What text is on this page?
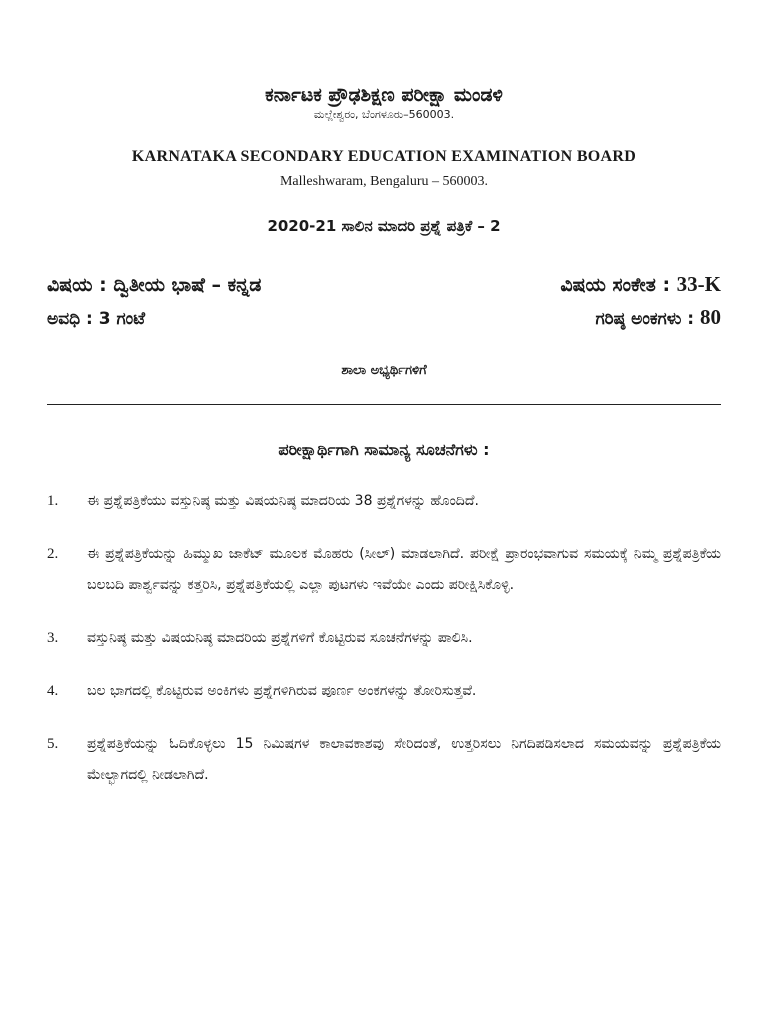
ಕರ್ನಾಟಕ ಪ್ರೌಢಶಿಕ್ಷಣ ಪರೀಕ್ಷಾ ಮಂಡಳಿ
ಮಲ್ಲೇಶ್ವರಂ, ಬೆಂಗಳೂರು–560003.
KARNATAKA SECONDARY EDUCATION EXAMINATION BOARD
Malleshwaram, Bengaluru – 560003.
2020-21 ಸಾಲಿನ ಮಾದರಿ ಪ್ರಶ್ನೆ ಪತ್ರಿಕೆ – 2
ವಿಷಯ : ದ್ವಿತೀಯ ಭಾಷೆ – ಕನ್ನಡ	ವಿಷಯ ಸಂಕೇತ : 33-K
ಅವಧಿ : 3 ಗಂಟೆ	ಗರಿಷ್ಠ ಅಂಕಗಳು : 80
ಶಾಲಾ ಅಭ್ಯರ್ಥಿಗಳಿಗೆ
ಪರೀಕ್ಷಾರ್ಥಿಗಾಗಿ ಸಾಮಾನ್ಯ ಸೂಚನೆಗಳು :
1.	ಈ ಪ್ರಶ್ನೆಪತ್ರಿಕೆಯು ವಸ್ತುನಿಷ್ಠ ಮತ್ತು ವಿಷಯನಿಷ್ಠ ಮಾದರಿಯ 38 ಪ್ರಶ್ನೆಗಳನ್ನು ಹೊಂದಿದೆ.
2.	ಈ ಪ್ರಶ್ನೆಪತ್ರಿಕೆಯನ್ನು ಹಿಮ್ಮುಖ ಜಾಕೆಟ್ ಮೂಲಕ ಮೊಹರು (ಸೀಲ್) ಮಾಡಲಾಗಿದೆ. ಪರೀಕ್ಷೆ ಪ್ರಾರಂಭವಾಗುವ ಸಮಯಕ್ಕೆ ನಿಮ್ಮ ಪ್ರಶ್ನೆಪತ್ರಿಕೆಯ ಬಲಬದಿ ಪಾರ್ಶ್ವವನ್ನು ಕತ್ತರಿಸಿ, ಪ್ರಶ್ನೆಪತ್ರಿಕೆಯಲ್ಲಿ ಎಲ್ಲಾ ಪುಟಗಳು ಇವೆಯೇ ಎಂದು ಪರೀಕ್ಷಿಸಿಕೊಳ್ಳಿ.
3.	ವಸ್ತುನಿಷ್ಠ ಮತ್ತು ವಿಷಯನಿಷ್ಠ ಮಾದರಿಯ ಪ್ರಶ್ನೆಗಳಿಗೆ ಕೊಟ್ಟಿರುವ ಸೂಚನೆಗಳನ್ನು ಪಾಲಿಸಿ.
4.	ಬಲ ಭಾಗದಲ್ಲಿ ಕೊಟ್ಟಿರುವ ಅಂಕಿಗಳು ಪ್ರಶ್ನೆಗಳಿಗಿರುವ ಪೂರ್ಣ ಅಂಕಗಳನ್ನು ತೋರಿಸುತ್ತವೆ.
5.	ಪ್ರಶ್ನೆಪತ್ರಿಕೆಯನ್ನು ಓದಿಕೊಳ್ಳಲು 15 ನಿಮಿಷಗಳ ಕಾಲಾವಕಾಶವು ಸೇರಿದಂತೆ, ಉತ್ತರಿಸಲು ನಿಗದಿಪಡಿಸಲಾದ ಸಮಯವನ್ನು ಪ್ರಶ್ನೆಪತ್ರಿಕೆಯ ಮೇಲ್ಭಾಗದಲ್ಲಿ ನೀಡಲಾಗಿದೆ.
